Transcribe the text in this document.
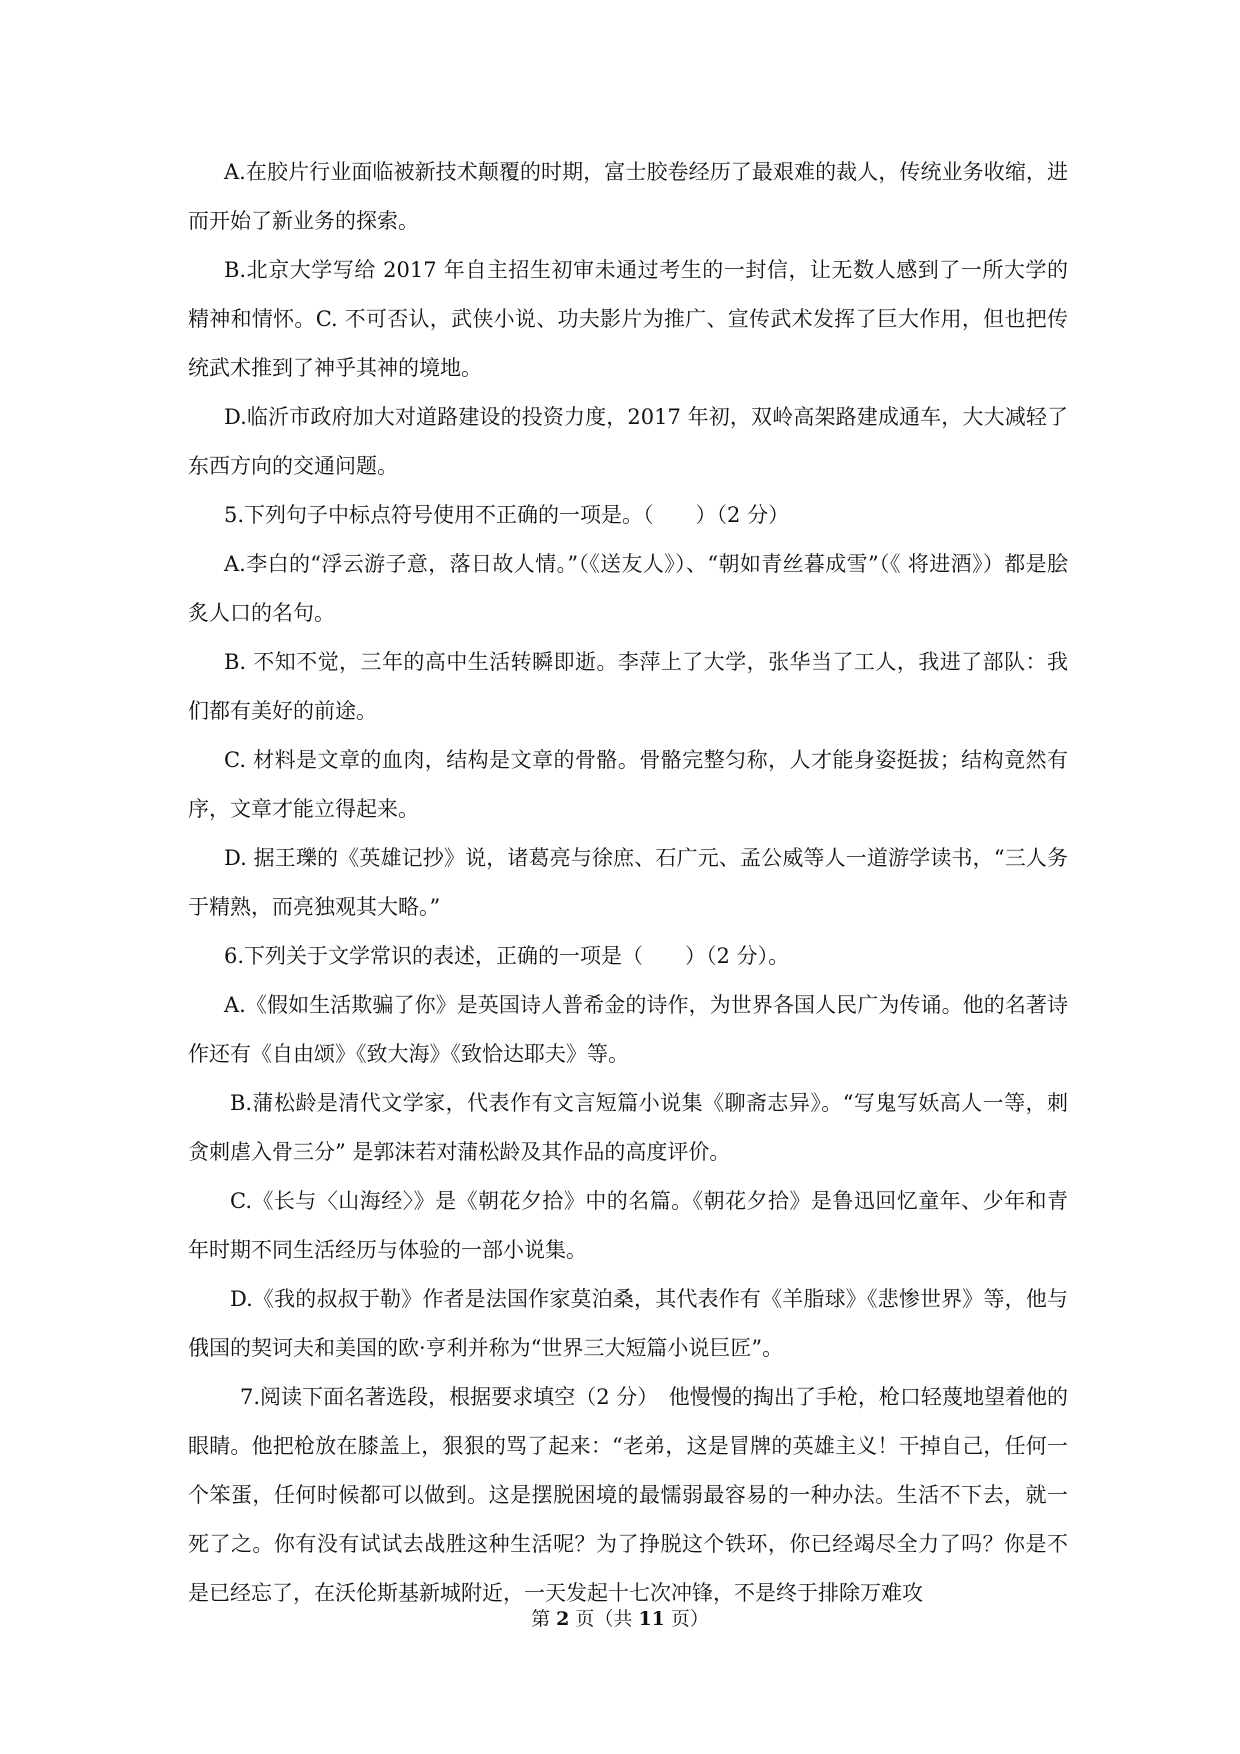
A.在胶片行业面临被新技术颠覆的时期，富士胶卷经历了最艰难的裁人，传统业务收缩，进而开始了新业务的探索。

B.北京大学写给 2017 年自主招生初审未通过考生的一封信，让无数人感到了一所大学的精神和情怀。C. 不可否认，武侠小说、功夫影片为推广、宣传武术发挥了巨大作用，但也把传统武术推到了神乎其神的境地。

D.临沂市政府加大对道路建设的投资力度，2017 年初，双岭高架路建成通车，大大减轻了东西方向的交通问题。

5.下列句子中标点符号使用不正确的一项是。（　　）（2 分）

A.李白的“浮云游子意，落日故人情。”（《送友人》）、“朝如青丝暮成雪”（《 将进酒》）都是脍炙人口的名句。

B. 不知不觉，三年的高中生活转瞬即逝。李萍上了大学，张华当了工人，我进了部队：我们都有美好的前途。

C. 材料是文章的血肉，结构是文章的骨骼。骨骼完整匀称，人才能身姿挺拔；结构竟然有序，文章才能立得起来。

D. 据王瓅的《英雄记抄》说，诸葛亮与徐庶、石广元、孟公威等人一道游学读书，“三人务于精熟，而亮独观其大略。”

6.下列关于文学常识的表述，正确的一项是（　　）（2 分）。

A.《假如生活欺骗了你》是英国诗人普希金的诗作，为世界各国人民广为传诵。他的名著诗作还有《自由颂》《致大海》《致恰达耶夫》等。

B.蒲松龄是清代文学家，代表作有文言短篇小说集《聊斋志异》。“写鬼写妖高人一等，刺贪刺虐入骨三分” 是郭沫若对蒲松龄及其作品的高度评价。

C.《长与〈山海经〉》是《朝花夕拾》中的名篇。《朝花夕拾》是鲁迅回忆童年、少年和青年时期不同生活经历与体验的一部小说集。

D.《我的叔叔于勒》作者是法国作家莫泊桑，其代表作有《羊脂球》《悲惨世界》等，他与俄国的契诃夫和美国的欧·亨利并称为“世界三大短篇小说巨匠”。

7.阅读下面名著选段，根据要求填空（2 分）　他慢慢的掏出了手枪，枪口轻蔑地望着他的眼睛。他把枪放在膝盖上，狠狠的骂了起来：“老弟，这是冒牌的英雄主义！干掉自己，任何一个笨蛋，任何时候都可以做到。这是摆脱困境的最懦弱最容易的一种办法。生活不下去，就一死了之。你有没有试试去战胜这种生活呢？为了挣脱这个铁环，你已经竭尽全力了吗？你是不是已经忘了，在沃伦斯基新城附近，一天发起十七次冲锋，不是终于排除万难攻

第 2 页（共 11 页）
